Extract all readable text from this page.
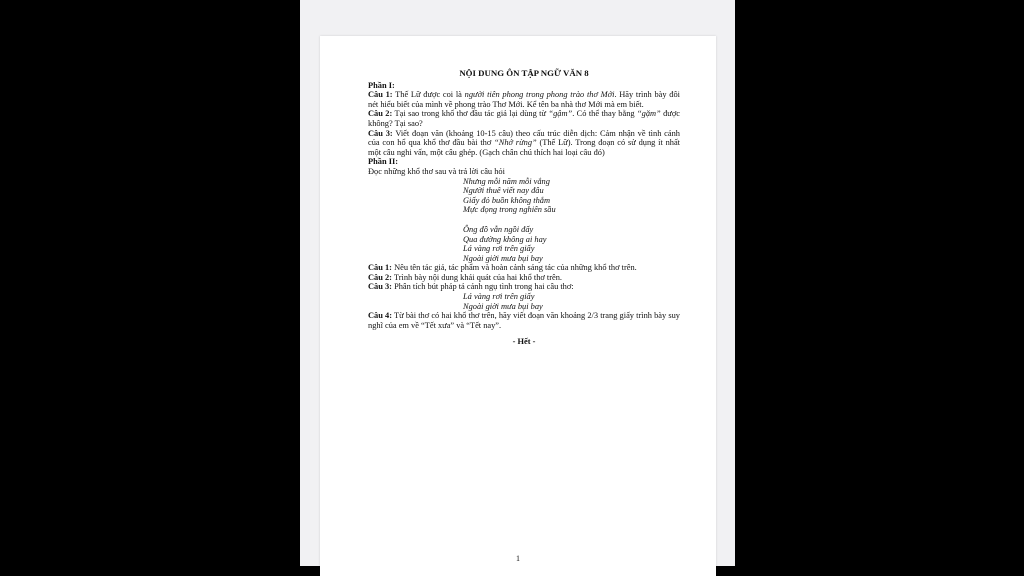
NỘI DUNG ÔN TẬP NGỮ VĂN 8
Phần I:
Câu 1: Thế Lữ được coi là người tiên phong trong phong trào thơ Mới. Hãy trình bày đôi nét hiểu biết của mình về phong trào Thơ Mới. Kể tên ba nhà thơ Mới mà em biết.
Câu 2: Tại sao trong khổ thơ đầu tác giả lại dùng từ “gậm”. Có thể thay bằng “gặm” được không? Tại sao?
Câu 3: Viết đoạn văn (khoảng 10-15 câu) theo cấu trúc diễn dịch: Cảm nhận về tình cảnh của con hổ qua khổ thơ đầu bài thơ “Nhớ rừng” (Thế Lữ). Trong đoạn có sử dụng ít nhất một câu nghi vấn, một câu ghép. (Gạch chân chú thích hai loại câu đó)
Phần II:
Đọc những khổ thơ sau và trả lời câu hỏi
Nhưng mỗi năm mỗi vắng
Người thuê viết nay đâu
Giấy đỏ buồn không thắm
Mực đọng trong nghiên sầu
Ông đồ vẫn ngồi đấy
Qua đường không ai hay
Lá vàng rơi trên giấy
Ngoài giời mưa bụi bay
Câu 1: Nêu tên tác giả, tác phẩm và hoàn cảnh sáng tác của những khổ thơ trên.
Câu 2: Trình bày nội dung khái quát của hai khổ thơ trên.
Câu 3: Phân tích bút pháp tả cảnh ngụ tình trong hai câu thơ:
Lá vàng rơi trên giấy
Ngoài giời mưa bụi bay
Câu 4: Từ bài thơ có hai khổ thơ trên, hãy viết đoạn văn khoảng 2/3 trang giấy trình bày suy nghĩ của em về “Tết xưa” và “Tết nay”.
- Hết -
1
